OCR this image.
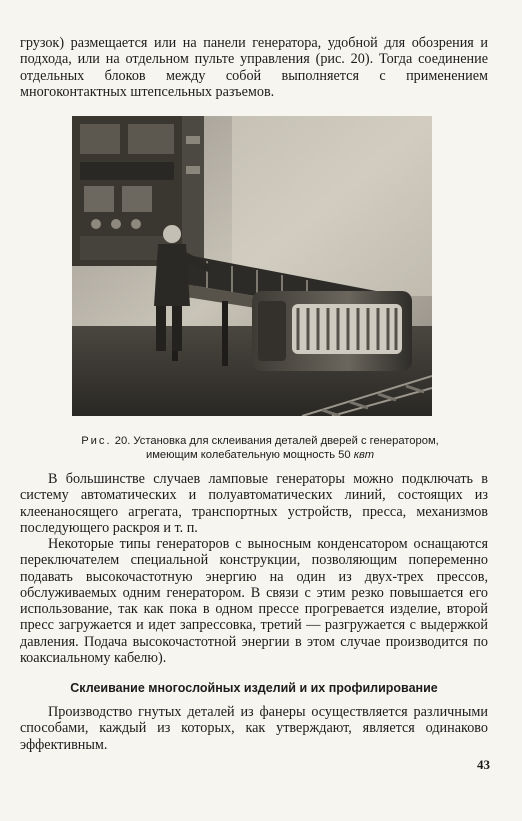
грузок) размещается или на панели генератора, удобной для обозрения и подхода, или на отдельном пульте управления (рис. 20). Тогда соединение отдельных блоков между собой выполняется с применением многоконтактных штепсельных разъемов.

Рис. 20. Установка для склеивания деталей дверей с генератором, имеющим колебательную мощность 50 квт

В большинстве случаев ламповые генераторы можно подключать в систему автоматических и полуавтоматических линий, состоящих из клеенаносящего агрегата, транспортных устройств, пресса, механизмов последующего раскроя и т. п.

Некоторые типы генераторов с выносным конденсатором оснащаются переключателем специальной конструкции, позволяющим попеременно подавать высокочастотную энергию на один из двух-трех прессов, обслуживаемых одним генератором. В связи с этим резко повышается его использование, так как пока в одном прессе прогревается изделие, второй пресс загружается и идет запрессовка, третий — разгружается с выдержкой давления. Подача высокочастотной энергии в этом случае производится по коаксиальному кабелю).

Склеивание многослойных изделий и их профилирование

Производство гнутых деталей из фанеры осуществляется различными способами, каждый из которых, как утверждают, является одинаково эффективным.

43
